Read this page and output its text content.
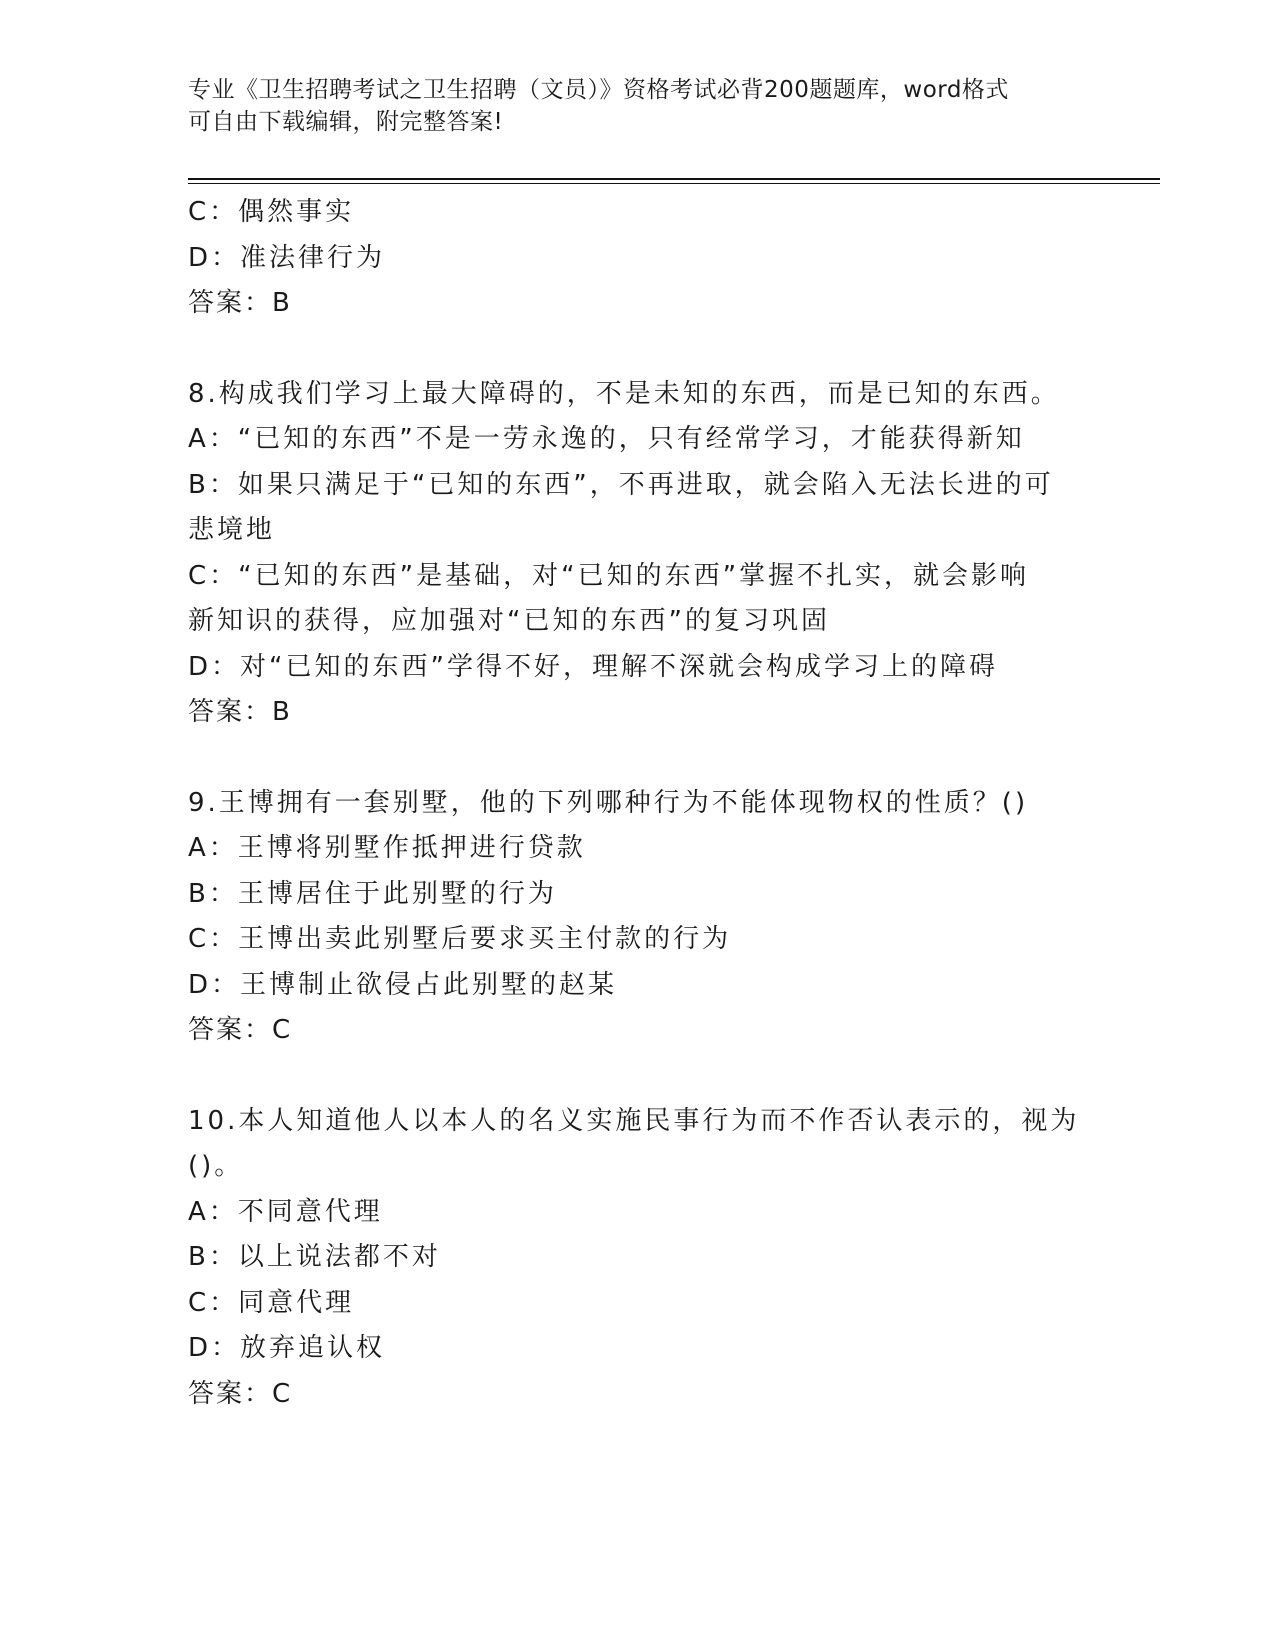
专业《卫生招聘考试之卫生招聘（文员）》资格考试必背200题题库，word格式
可自由下载编辑，附完整答案!
C：偶然事实
D：准法律行为
答案：B
8.构成我们学习上最大障碍的，不是未知的东西，而是已知的东西。
A：“已知的东西”不是一劳永逸的，只有经常学习，才能获得新知
B：如果只满足于“已知的东西”，不再进取，就会陷入无法长进的可
悲境地
C：“已知的东西”是基础，对“已知的东西”掌握不扎实，就会影响
新知识的获得，应加强对“已知的东西”的复习巩固
D：对“已知的东西”学得不好，理解不深就会构成学习上的障碍
答案：B
9.王博拥有一套别墅，他的下列哪种行为不能体现物权的性质？()
A：王博将别墅作抵押进行贷款
B：王博居住于此别墅的行为
C：王博出卖此别墅后要求买主付款的行为
D：王博制止欲侵占此别墅的赵某
答案：C
10.本人知道他人以本人的名义实施民事行为而不作否认表示的，视为
()。
A：不同意代理
B：以上说法都不对
C：同意代理
D：放弃追认权
答案：C
